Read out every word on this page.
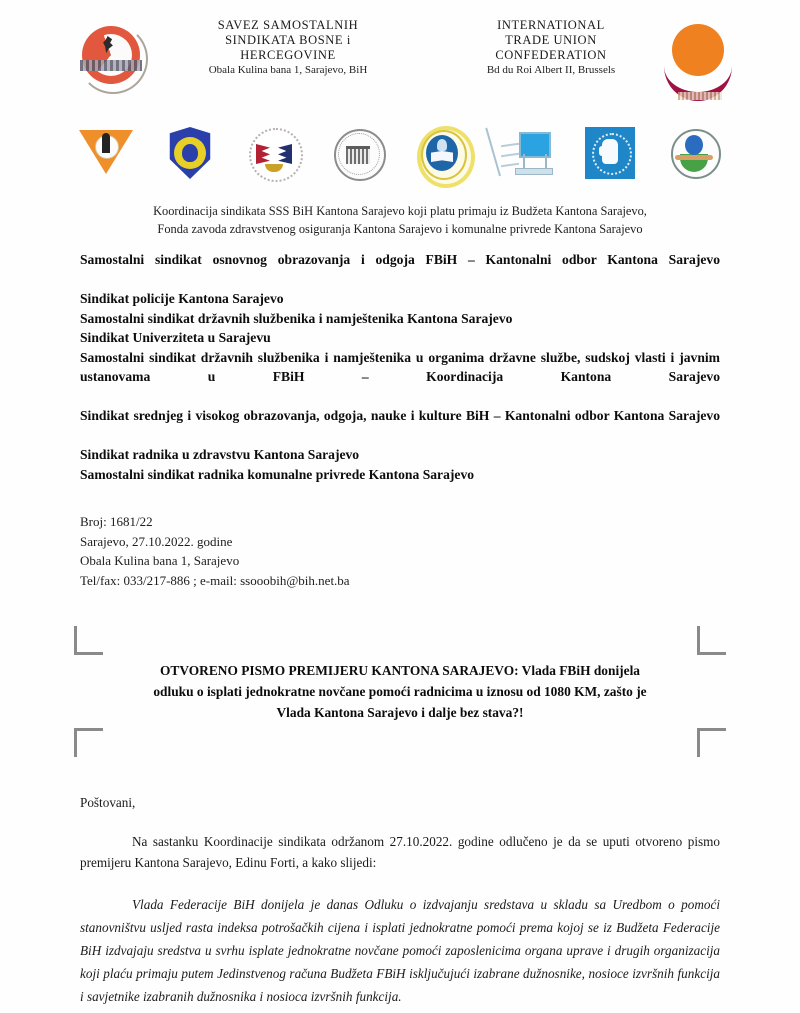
SAVEZ SAMOSTALNIH
SINDIKATA BOSNE i
HERCEGOVINE
Obala Kulina bana 1, Sarajevo, BiH
INTERNATIONAL
TRADE UNION
CONFEDERATION
Bd du Roi Albert II, Brussels
Koordinacija sindikata SSS BiH Kantona Sarajevo koji platu primaju iz Budžeta Kantona Sarajevo,
Fonda zavoda zdravstvenog osiguranja Kantona Sarajevo i komunalne privrede Kantona Sarajevo

Samostalni sindikat osnovnog obrazovanja i odgoja FBiH – Kantonalni odbor Kantona Sarajevo

Sindikat policije Kantona Sarajevo

Samostalni sindikat državnih službenika i namještenika Kantona Sarajevo

Sindikat Univerziteta u Sarajevu

Samostalni sindikat državnih službenika i namještenika u organima državne službe, sudskoj vlasti i javnim ustanovama u FBiH – Koordinacija Kantona Sarajevo

Sindikat srednjeg i visokog obrazovanja, odgoja, nauke i kulture BiH – Kantonalni odbor Kantona Sarajevo

Sindikat radnika u zdravstvu Kantona Sarajevo

Samostalni sindikat radnika komunalne privrede Kantona Sarajevo

Broj: 1681/22
Sarajevo, 27.10.2022. godine
Obala Kulina bana 1, Sarajevo
Tel/fax: 033/217-886 ; e-mail: ssooobih@bih.net.ba
OTVORENO PISMO PREMIJERU KANTONA SARAJEVO: Vlada FBiH donijela odluku o isplati jednokratne novčane pomoći radnicima u iznosu od 1080 KM, zašto je Vlada Kantona Sarajevo i dalje bez stava?!
Poštovani,

Na sastanku Koordinacije sindikata održanom 27.10.2022. godine odlučeno je da se uputi otvoreno pismo premijeru Kantona Sarajevo, Edinu Forti, a kako slijedi:

Vlada Federacije BiH donijela je danas Odluku o izdvajanju sredstava u skladu sa Uredbom o pomoći stanovništvu usljed rasta indeksa potrošačkih cijena i isplati jednokratne pomoći prema kojoj se iz Budžeta Federacije BiH izdvajaju sredstva u svrhu isplate jednokratne novčane pomoći zaposlenicima organa uprave i drugih organizacija koji plaću primaju putem Jedinstvenog računa Budžeta FBiH isključujući izabrane dužnosnike, nosioce izvršnih funkcija i savjetnike izabranih dužnosnika i nosioca izvršnih funkcija.
